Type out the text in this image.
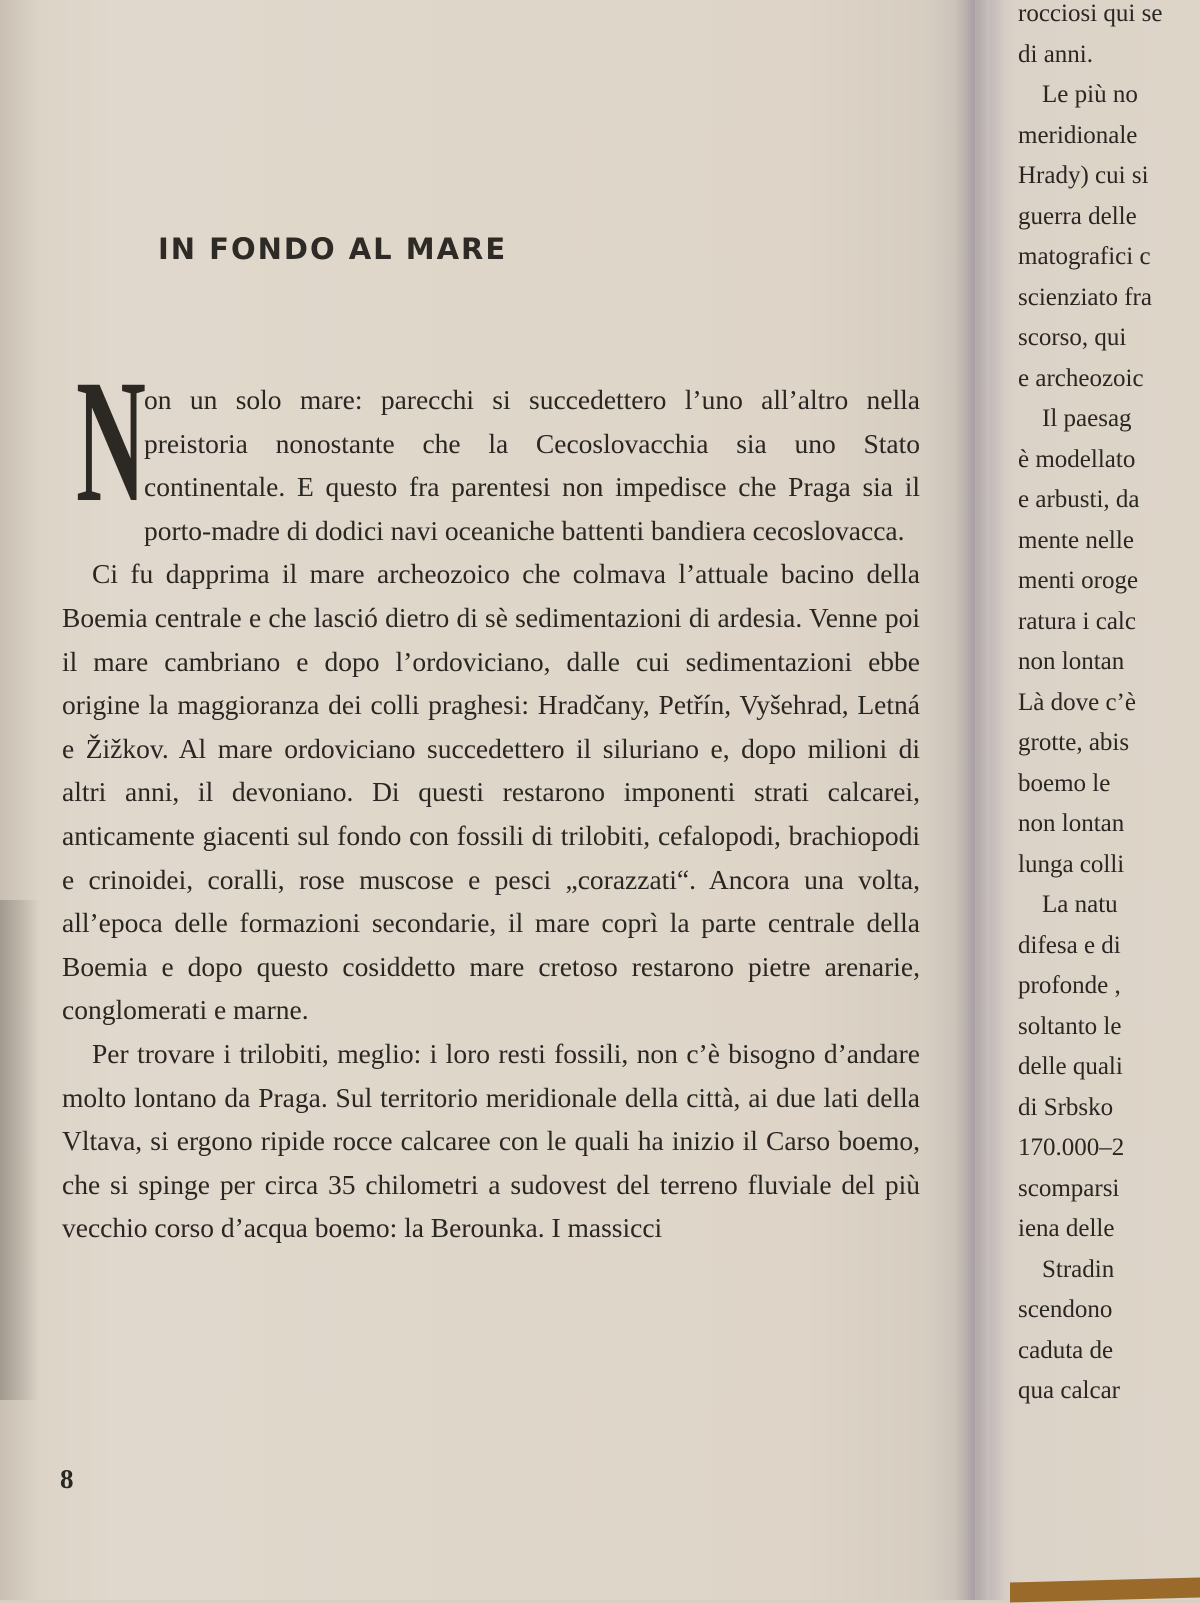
IN FONDO AL MARE

N
on un solo mare: parecchi si succedettero l’uno all’altro nella preistoria nonostante che la Cecoslovacchia sia uno Stato continentale. E questo fra parentesi non impedisce che Praga sia il porto-madre di dodici navi oceaniche battenti bandiera cecoslovacca.

Ci fu dapprima il mare archeozoico che colmava l’attuale bacino della Boemia centrale e che lasció dietro di sè sedimentazioni di ardesia. Venne poi il mare cambriano e dopo l’ordoviciano, dalle cui sedimentazioni ebbe origine la maggioranza dei colli praghesi: Hradčany, Petřín, Vyšehrad, Letná e Žižkov. Al mare ordoviciano succedettero il siluriano e, dopo milioni di altri anni, il devoniano. Di questi restarono imponenti strati calcarei, anticamente giacenti sul fondo con fossili di trilobiti, cefalopodi, brachiopodi e crinoidei, coralli, rose muscose e pesci „corazzati“. Ancora una volta, all’epoca delle formazioni secondarie, il mare coprì la parte centrale della Boemia e dopo questo cosiddetto mare cretoso restarono pietre arenarie, conglomerati e marne.

Per trovare i trilobiti, meglio: i loro resti fossili, non c’è bisogno d’andare molto lontano da Praga. Sul territorio meridionale della città, ai due lati della Vltava, si ergono ripide rocce calcaree con le quali ha inizio il Carso boemo, che si spinge per circa 35 chilometri a sudovest del terreno fluviale del più vecchio corso d’acqua boemo: la Berounka. I massicci

8
rocciosi qui se
di anni.
Le più no
meridionale
Hrady) cui si
guerra delle
matografici c
scienziato fra
scorso, qui
e archeozoic
Il paesag
è modellato
e arbusti, da
mente nelle
menti oroge
ratura i calc
non lontan
Là dove c’è
grotte, abis
boemo le
non lontan
lunga colli
La natu
difesa e di
profonde ,
soltanto le
delle quali
di Srbsko
170.000–2
scomparsi
iena delle
Stradin
scendono
caduta de
qua calcar
